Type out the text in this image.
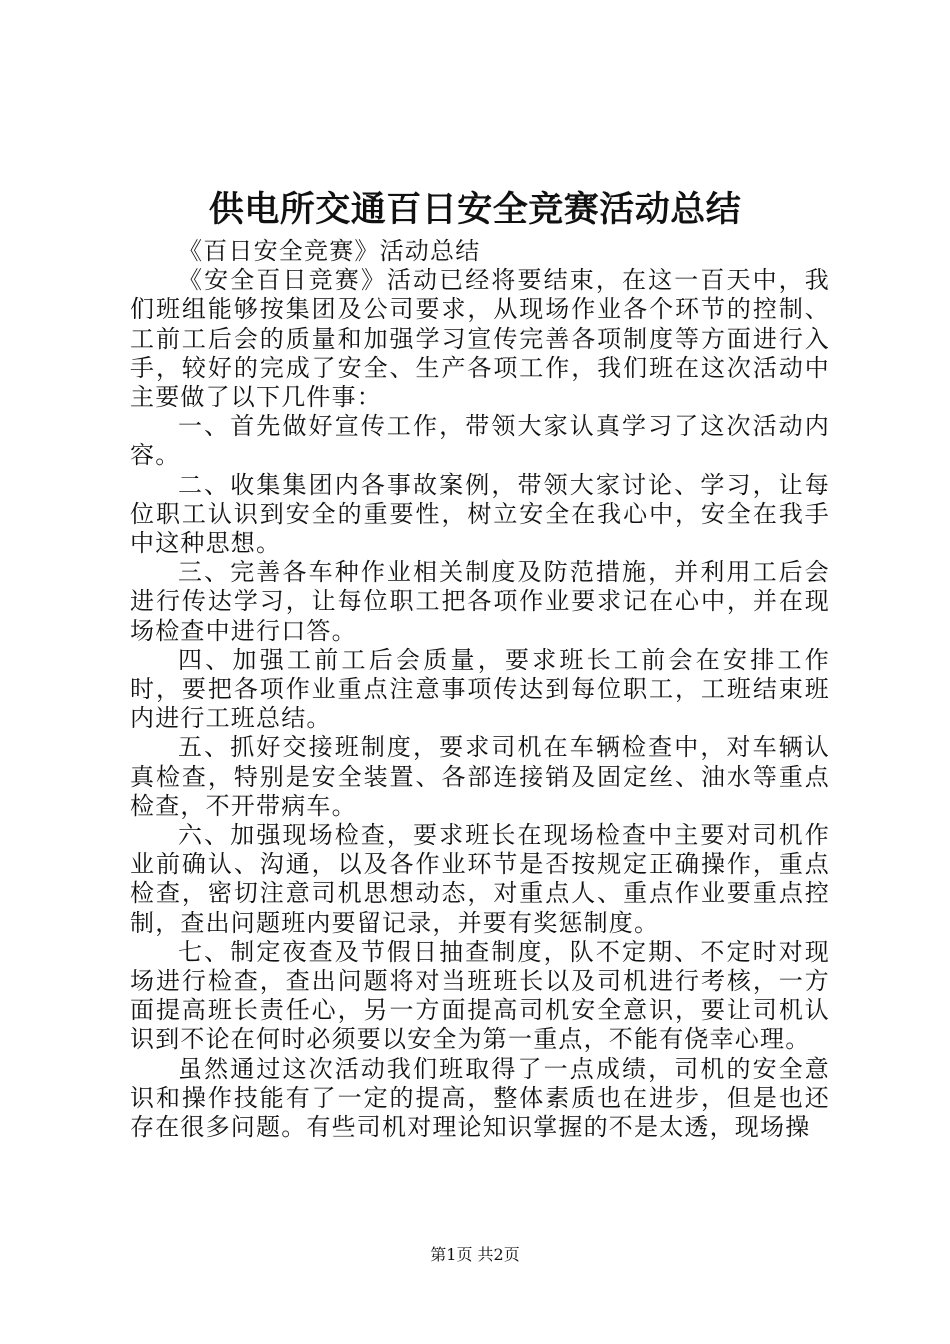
供电所交通百日安全竞赛活动总结

《百日安全竞赛》活动总结

《安全百日竞赛》活动已经将要结束，在这一百天中，我们班组能够按集团及公司要求，从现场作业各个环节的控制、工前工后会的质量和加强学习宣传完善各项制度等方面进行入手，较好的完成了安全、生产各项工作，我们班在这次活动中主要做了以下几件事：

一、首先做好宣传工作，带领大家认真学习了这次活动内容。

二、收集集团内各事故案例，带领大家讨论、学习，让每位职工认识到安全的重要性，树立安全在我心中，安全在我手中这种思想。

三、完善各车种作业相关制度及防范措施，并利用工后会进行传达学习，让每位职工把各项作业要求记在心中，并在现场检查中进行口答。

四、加强工前工后会质量，要求班长工前会在安排工作时，要把各项作业重点注意事项传达到每位职工，工班结束班内进行工班总结。

五、抓好交接班制度，要求司机在车辆检查中，对车辆认真检查，特别是安全装置、各部连接销及固定丝、油水等重点检查，不开带病车。

六、加强现场检查，要求班长在现场检查中主要对司机作业前确认、沟通，以及各作业环节是否按规定正确操作，重点检查，密切注意司机思想动态，对重点人、重点作业要重点控制，查出问题班内要留记录，并要有奖惩制度。

七、制定夜查及节假日抽查制度，队不定期、不定时对现场进行检查，查出问题将对当班班长以及司机进行考核，一方面提高班长责任心，另一方面提高司机安全意识，要让司机认识到不论在何时必须要以安全为第一重点，不能有侥幸心理。

虽然通过这次活动我们班取得了一点成绩，司机的安全意识和操作技能有了一定的提高，整体素质也在进步，但是也还存在很多问题。有些司机对理论知识掌握的不是太透，现场操

第1页 共2页
